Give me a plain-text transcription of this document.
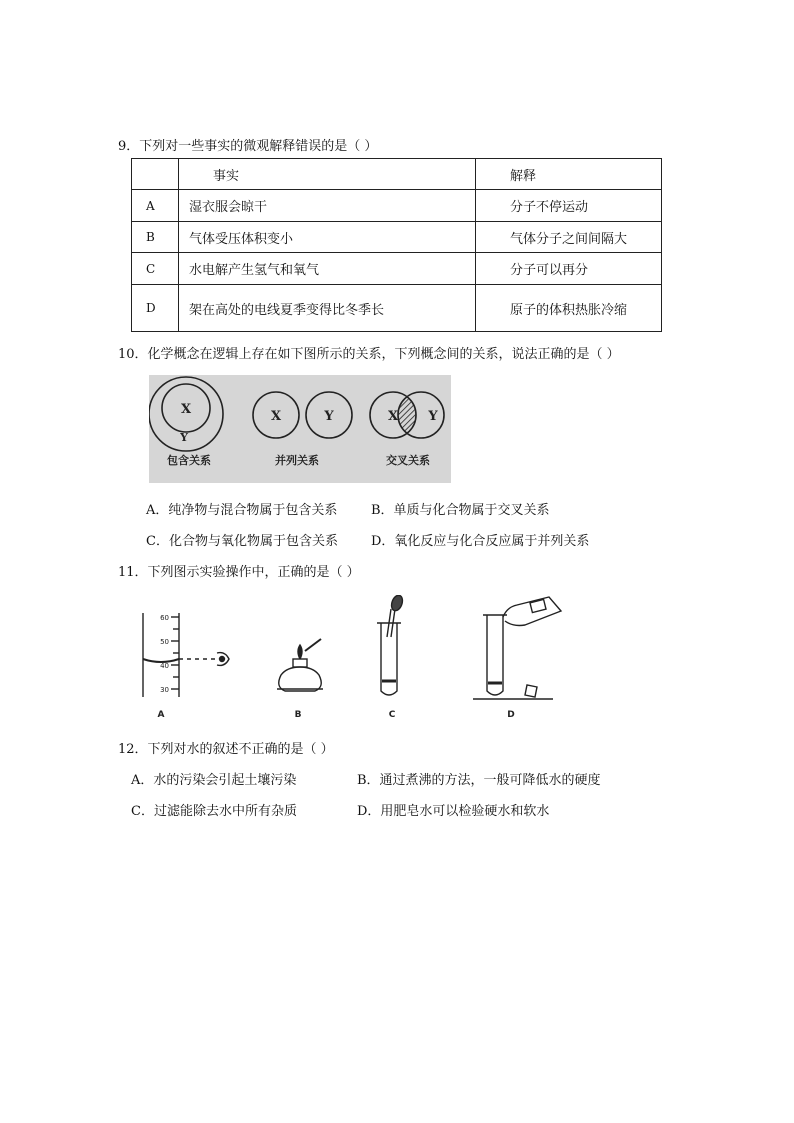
9．下列对一些事实的微观解释错误的是（ ）
	事实	解释
A	湿衣服会晾干	分子不停运动
B	气体受压体积变小	气体分子之间间隔大
C	水电解产生氢气和氧气	分子可以再分
D	架在高处的电线夏季变得比冬季长	原子的体积热胀冷缩
10．化学概念在逻辑上存在如下图所示的关系，下列概念间的关系，说法正确的是（ ）
X
Y
X	Y	X Y
包含关系	并列关系	交叉关系
A．纯净物与混合物属于包含关系	B．单质与化合物属于交叉关系
C．化合物与氧化物属于包含关系	D．氧化反应与化合反应属于并列关系
11．下列图示实验操作中，正确的是（ ）
60
50
40
30
A	B	C	D
12．下列对水的叙述不正确的是（ ）
A．水的污染会引起土壤污染	B．通过煮沸的方法，一般可降低水的硬度
C．过滤能除去水中所有杂质	D．用肥皂水可以检验硬水和软水
